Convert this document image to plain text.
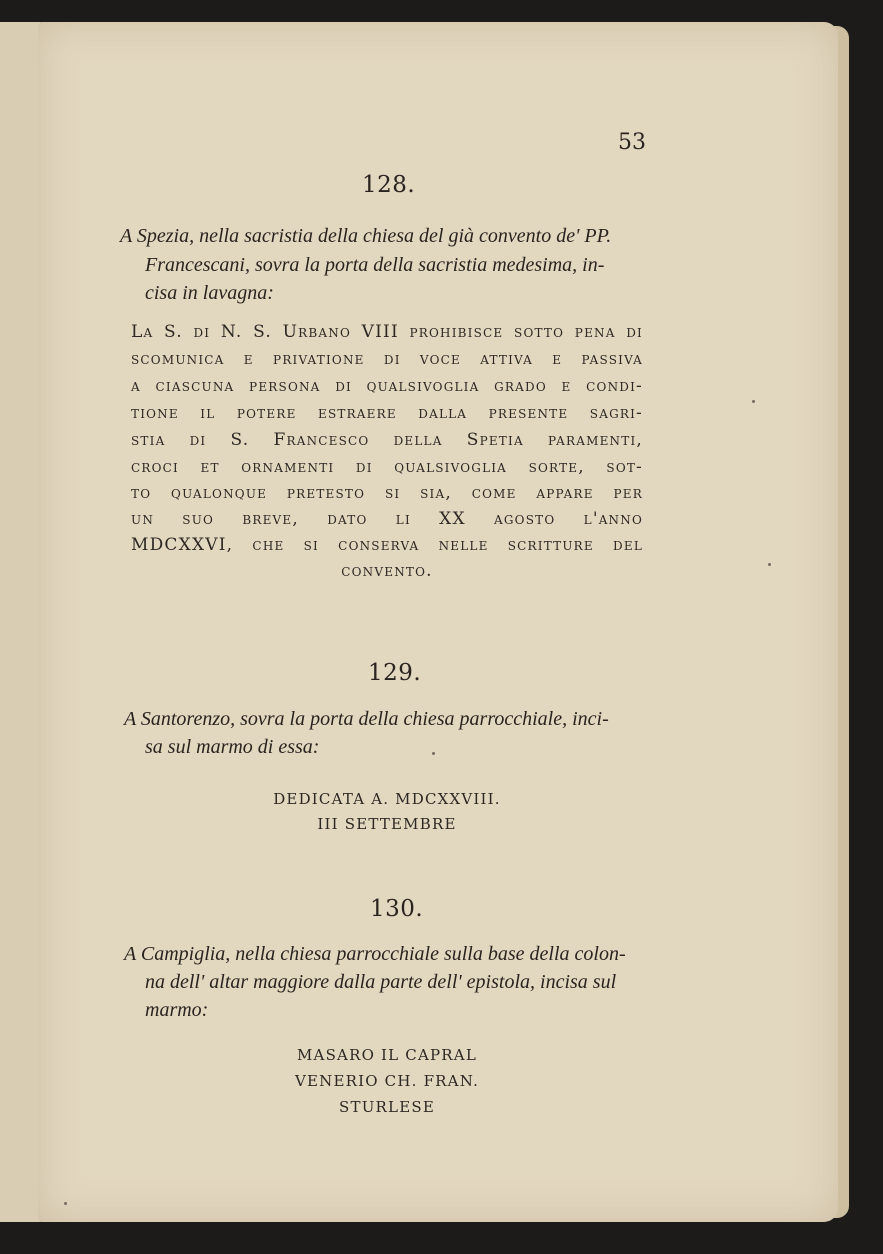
53
128.
A Spezia, nella sacristia della chiesa del già convento de' PP.
Francescani, sovra la porta della sacristia medesima, in-
cisa in lavagna:
La S. di N. S. Urbano VIII prohibisce sotto pena di
scomunica e privatione di voce attiva e passiva
a ciascuna persona di qualsivoglia grado e condi-
tione il potere estraere dalla presente sagri-
stia di S. Francesco della Spetia paramenti,
croci et ornamenti di qualsivoglia sorte, sot-
to qualonque pretesto si sia, come appare per
un suo breve, dato li XX agosto l'anno
MDCXXVI, che si conserva nelle scritture del
convento.
129.
A Santorenzo, sovra la porta della chiesa parrocchiale, inci-
sa sul marmo di essa:
DEDICATA A. MDCXXVIII.
III SETTEMBRE
130.
A Campiglia, nella chiesa parrocchiale sulla base della colon-
na dell' altar maggiore dalla parte dell' epistola, incisa sul
marmo:
MASARO IL CAPRAL
VENERIO CH. FRAN.
STURLESE
